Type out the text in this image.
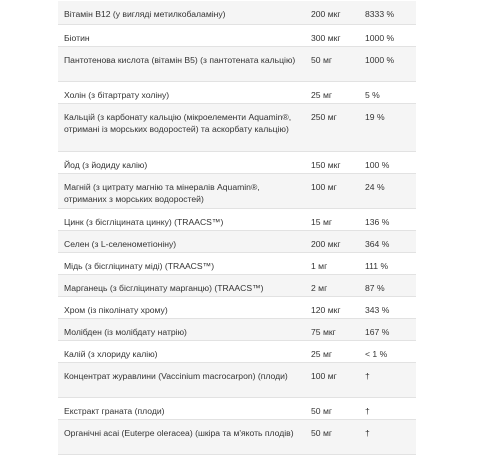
Вітамін B12 (у вигляді метилкобаламіну)	200 мкг	8333 %
Біотин	300 мкг	1000 %
Пантотенова кислота (вітамін B5) (з пантотената кальцію)	50 мг	1000 %
Холін (з бітартрату холіну)	25 мг	5 %
Кальцій (з карбонату кальцію (мікроелементи Aquamin®, отримані із морських водоростей) та аскорбату кальцію)	250 мг	19 %
Йод (з йодиду калію)	150 мкг	100 %
Магній (з цитрату магнію та мінералів Aquamin®, отриманих з морських водоростей)	100 мг	24 %
Цинк (з бісгліцината цинку) (TRAACS™)	15 мг	136 %
Селен (з L-селенометіоніну)	200 мкг	364 %
Мідь (з бісгліцинату міді) (TRAACS™)	1 мг	111 %
Марганець (з бісгліцинату марганцю) (TRAACS™)	2 мг	87 %
Хром (із піколінату хрому)	120 мкг	343 %
Молібден (із молібдату натрію)	75 мкг	167 %
Калій (з хлориду калію)	25 мг	< 1 %
Концентрат журавлини (Vaccinium macrocarpon) (плоди)	100 мг	†
Екстракт граната (плоди)	50 мг	†
Органічні асаі (Euterpe oleracea) (шкіра та м'якоть плодів)	50 мг	†
